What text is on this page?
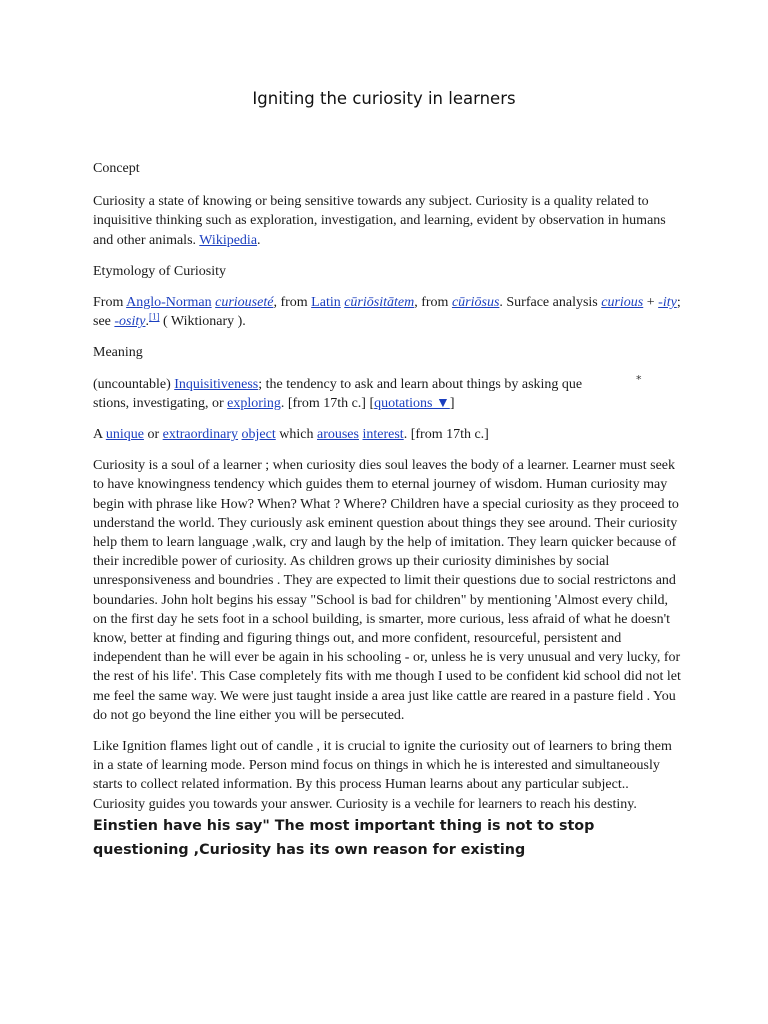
Igniting the curiosity in learners

Concept

Curiosity a state of knowing or being sensitive towards any subject. Curiosity is a quality related to inquisitive thinking such as exploration, investigation, and learning, evident by observation in humans and other animals. Wikipedia.

Etymology of Curiosity

From Anglo-Norman curiouseté, from Latin cūriōsitātem, from cūriōsus. Surface analysis curious + -ity; see -osity.[1] ( Wiktionary ).

Meaning

(uncountable) Inquisitiveness; the tendency to ask and learn about things by asking que
stions, investigating, or exploring. [from 17th c.] [quotations ▼]

A unique or extraordinary object which arouses interest. [from 17th c.]

Curiosity is a soul of a learner ; when curiosity dies soul leaves the body of a learner. Learner must seek to have knowingness tendency which guides them to eternal journey of wisdom. Human curiosity may begin with phrase like How? When? What ? Where? Children have a special curiosity as they proceed to understand the world. They curiously ask eminent question about things they see around. Their curiosity help them to learn language ,walk, cry and laugh by the help of imitation. They learn quicker because of their incredible power of curiosity. As children grows up their curiosity diminishes by social unresponsiveness and boundries . They are expected to limit their questions due to social restrictons and boundaries. John holt begins his essay "School is bad for children" by mentioning 'Almost every child, on the first day he sets foot in a school building, is smarter, more curious, less afraid of what he doesn't know, better at finding and figuring things out, and more confident, resourceful, persistent and independent than he will ever be again in his schooling - or, unless he is very unusual and very lucky, for the rest of his life'. This Case completely fits with me though I used to be confident kid school did not let me feel the same way. We were just taught inside a area just like cattle are reared in a pasture field . You do not go beyond the line either you will be persecuted.

Like Ignition flames light out of candle , it is crucial to ignite the curiosity out of learners to bring them in a state of learning mode. Person mind focus on things in which he is interested and simultaneously starts to collect related information. By this process Human learns about any particular subject.. Curiosity guides you towards your answer. Curiosity is a vechile for learners to reach his destiny. Einstien have his say" The most important thing is not to stop questioning ,Curiosity has its own reason for existing

*
